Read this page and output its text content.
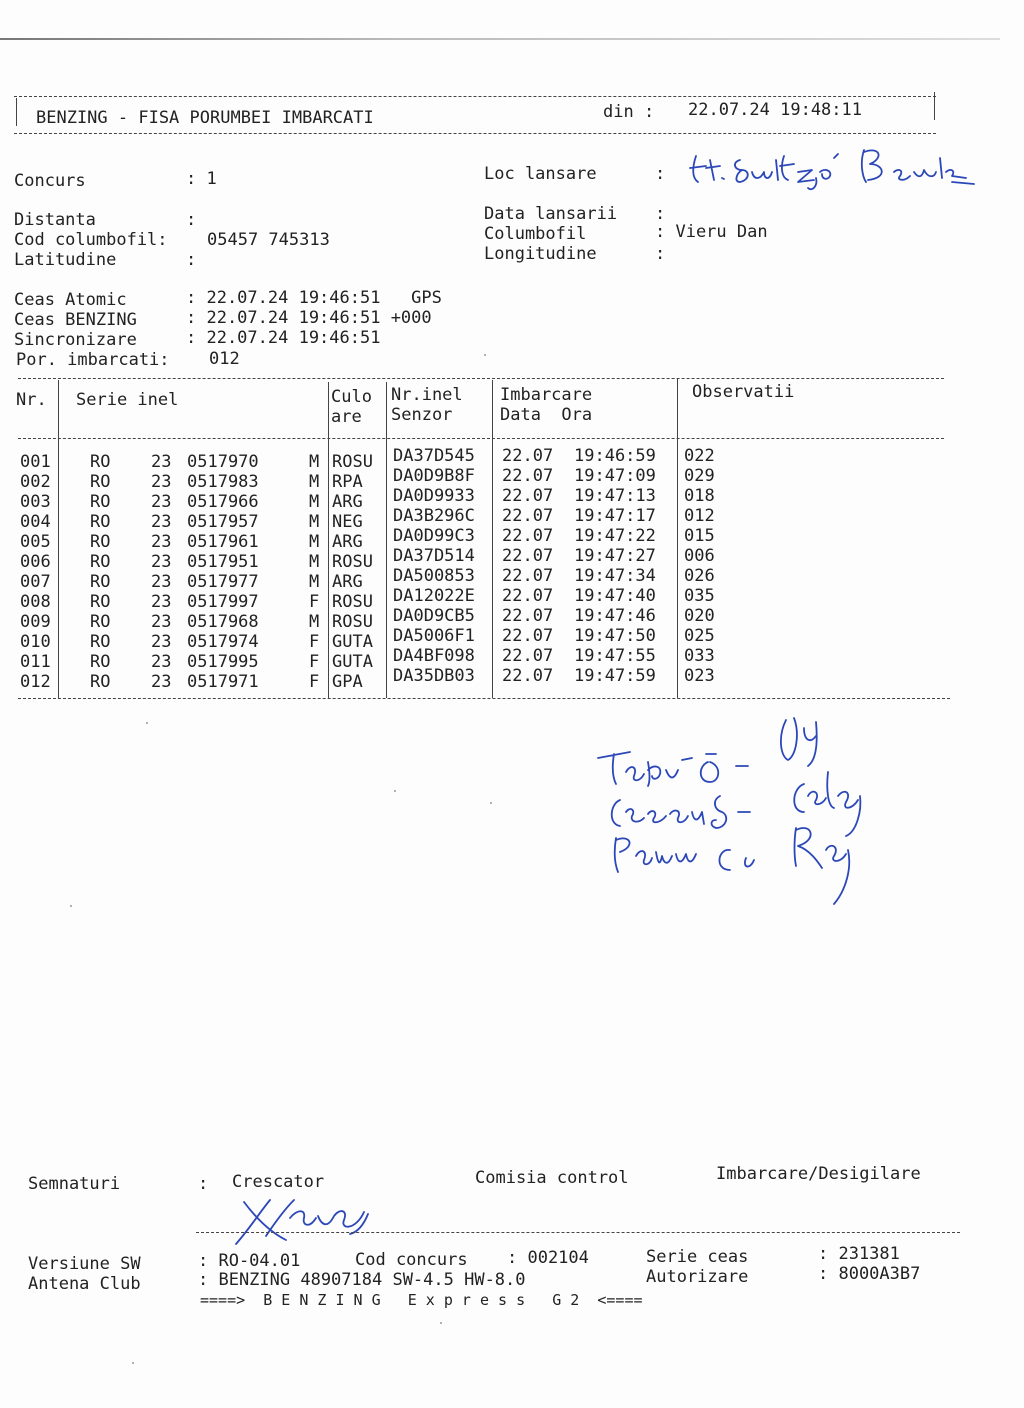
BENZING - FISA PORUMBEI IMBARCATI	din : 22.07.24 19:48:11
Concurs	: 1	Loc lansare	:
Distanta	:
Cod columbofil: 05457 745313
Latitudine	:
Data lansarii :
Columbofil	: Vieru Dan
Longitudine	:
Ceas Atomic	: 22.07.24 19:46:51   GPS
Ceas BENZING	: 22.07.24 19:46:51 +000
Sincronizare	: 22.07.24 19:46:51
Por. imbarcati: 012
Nr. Serie inel	Culo
are
Nr.inel
Senzor
Imbarcare
Data  Ora
Observatii
001 RO 23 0517970	M ROSU DA37D545 22.07 19:46:59 022
002 RO 23 0517983	M RPA DA0D9B8F 22.07 19:47:09 029
003 RO 23 0517966	M ARG DA0D9933 22.07 19:47:13 018
004 RO 23 0517957	M NEG DA3B296C 22.07 19:47:17 012
005 RO 23 0517961	M ARG DA0D99C3 22.07 19:47:22 015
006 RO 23 0517951	M ROSU DA37D514 22.07 19:47:27 006
007 RO 23 0517977	M ARG DA500853 22.07 19:47:34 026
008 RO 23 0517997	F ROSU DA12022E 22.07 19:47:40 035
009 RO 23 0517968	M ROSU DA0D9CB5 22.07 19:47:46 020
010 RO 23 0517974	F GUTA DA5006F1 22.07 19:47:50 025
011 RO 23 0517995	F GUTA DA4BF098 22.07 19:47:55 033
012 RO 23 0517971	F GPA DA35DB03 22.07 19:47:59 023
Semnaturi	: Crescator	Comisia control	Imbarcare/Desigilare
Versiune SW	: RO-04.01	Cod concurs : 002104	Serie ceas	: 231381
Antena Club	: BENZING 48907184 SW-4.5 HW-8.0	Autorizare	: 8000A3B7
====>  B E N Z I N G   E x p r e s s   G 2  <====
